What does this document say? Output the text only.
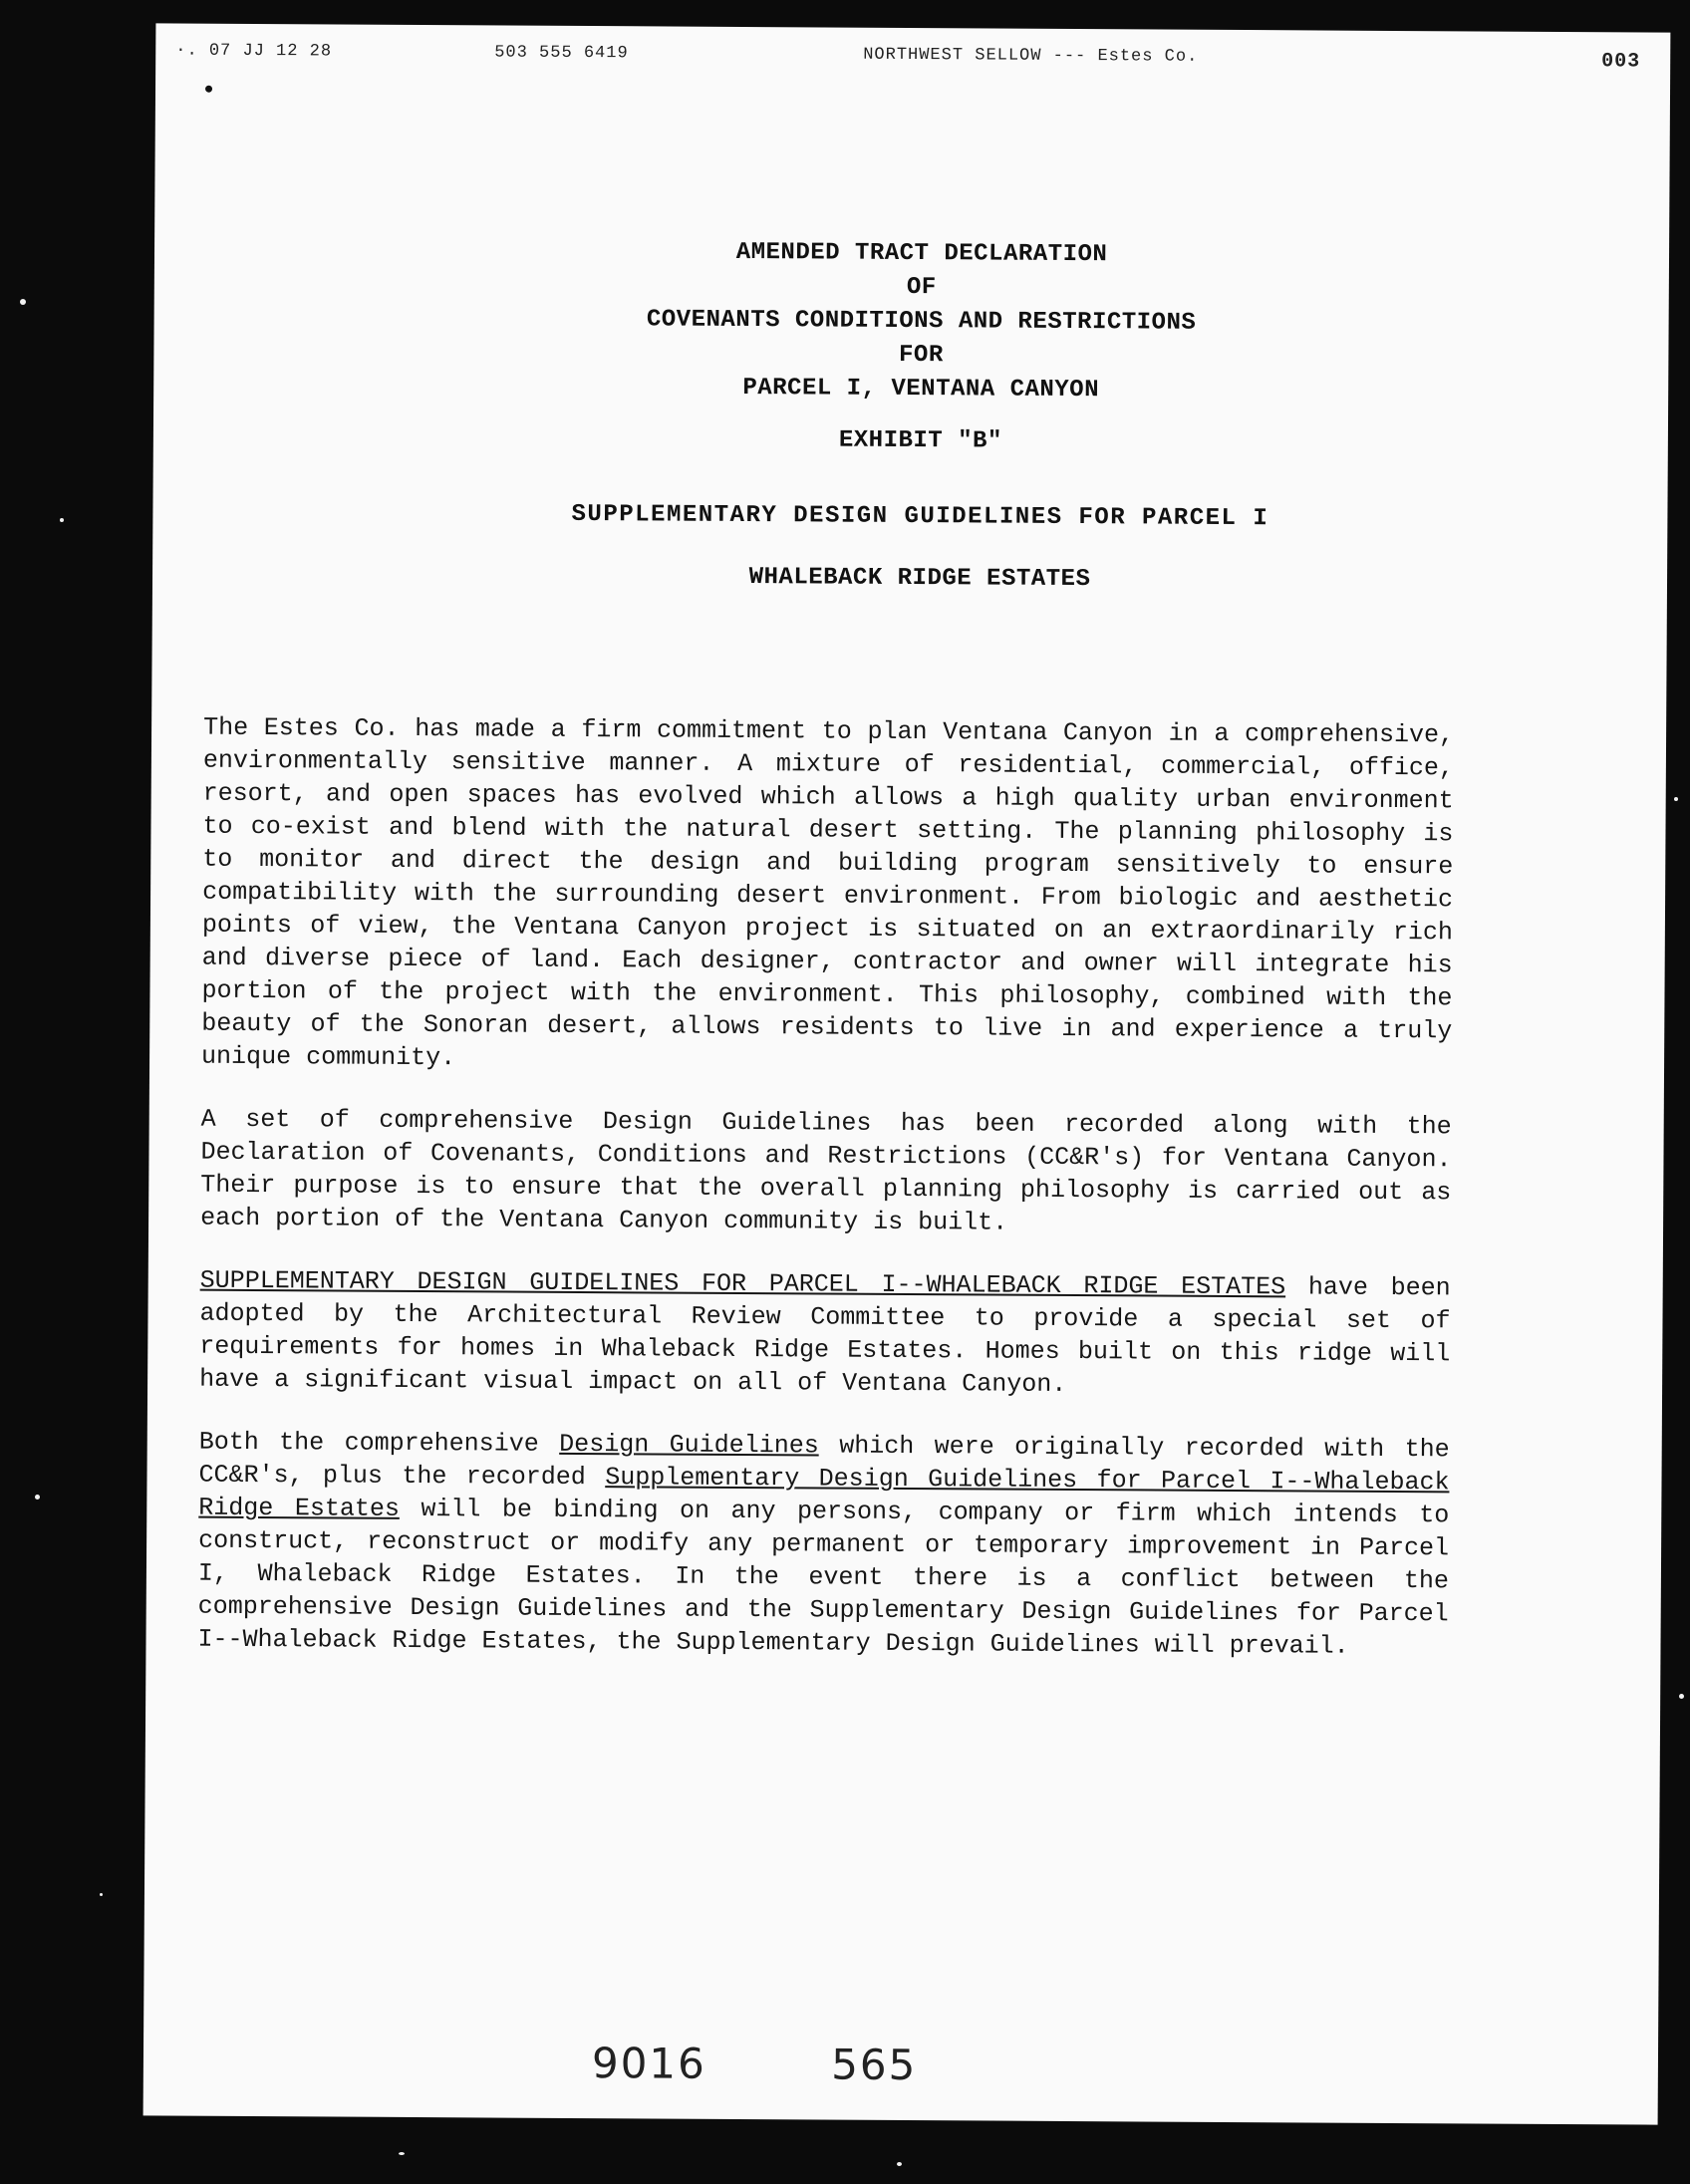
·. 07 JJ 12 28	503 555 6419	NORTHWEST SELLOW --- Estes Co.	003
AMENDED TRACT DECLARATION
OF
COVENANTS CONDITIONS AND RESTRICTIONS
FOR
PARCEL I, VENTANA CANYON
EXHIBIT "B"
SUPPLEMENTARY DESIGN GUIDELINES FOR PARCEL I
WHALEBACK RIDGE ESTATES

The Estes Co. has made a firm commitment to plan Ventana Canyon in a comprehensive, environmentally sensitive manner. A mixture of residential, commercial, office, resort, and open spaces has evolved which allows a high quality urban environment to co-exist and blend with the natural desert setting. The planning philosophy is to monitor and direct the design and building program sensitively to ensure compatibility with the surrounding desert environment. From biologic and aesthetic points of view, the Ventana Canyon project is situated on an extraordinarily rich and diverse piece of land. Each designer, contractor and owner will integrate his portion of the project with the environment. This philosophy, combined with the beauty of the Sonoran desert, allows residents to live in and experience a truly unique community.

A set of comprehensive Design Guidelines has been recorded along with the Declaration of Covenants, Conditions and Restrictions (CC&R's) for Ventana Canyon. Their purpose is to ensure that the overall planning philosophy is carried out as each portion of the Ventana Canyon community is built.

SUPPLEMENTARY DESIGN GUIDELINES FOR PARCEL I--WHALEBACK RIDGE ESTATES have been adopted by the Architectural Review Committee to provide a special set of requirements for homes in Whaleback Ridge Estates. Homes built on this ridge will have a significant visual impact on all of Ventana Canyon.

Both the comprehensive Design Guidelines which were originally recorded with the CC&R's, plus the recorded Supplementary Design Guidelines for Parcel I--Whaleback Ridge Estates will be binding on any persons, company or firm which intends to construct, reconstruct or modify any permanent or temporary improvement in Parcel I, Whaleback Ridge Estates. In the event there is a conflict between the comprehensive Design Guidelines and the Supplementary Design Guidelines for Parcel I--Whaleback Ridge Estates, the Supplementary Design Guidelines will prevail.

9016	565
